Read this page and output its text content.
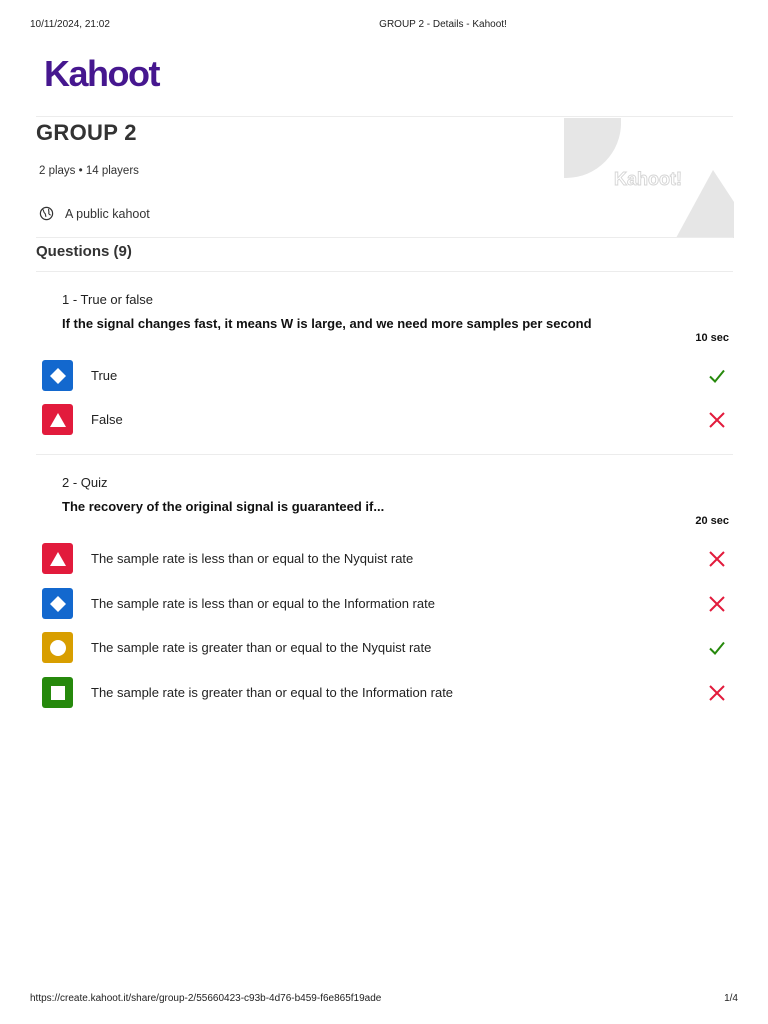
10/11/2024, 21:02	GROUP 2 - Details - Kahoot!
Kahoot!
Kahoot!
GROUP 2
2 plays • 14 players
A public kahoot
Questions (9)
1 - True or false
If the signal changes fast, it means W is large, and we need more samples per second
10 sec
True
False
2 - Quiz
The recovery of the original signal is guaranteed if...
20 sec
The sample rate is less than or equal to the Nyquist rate
The sample rate is less than or equal to the Information rate
The sample rate is greater than or equal to the Nyquist rate
The sample rate is greater than or equal to the Information rate
https://create.kahoot.it/share/group-2/55660423-c93b-4d76-b459-f6e865f19ade	1/4
